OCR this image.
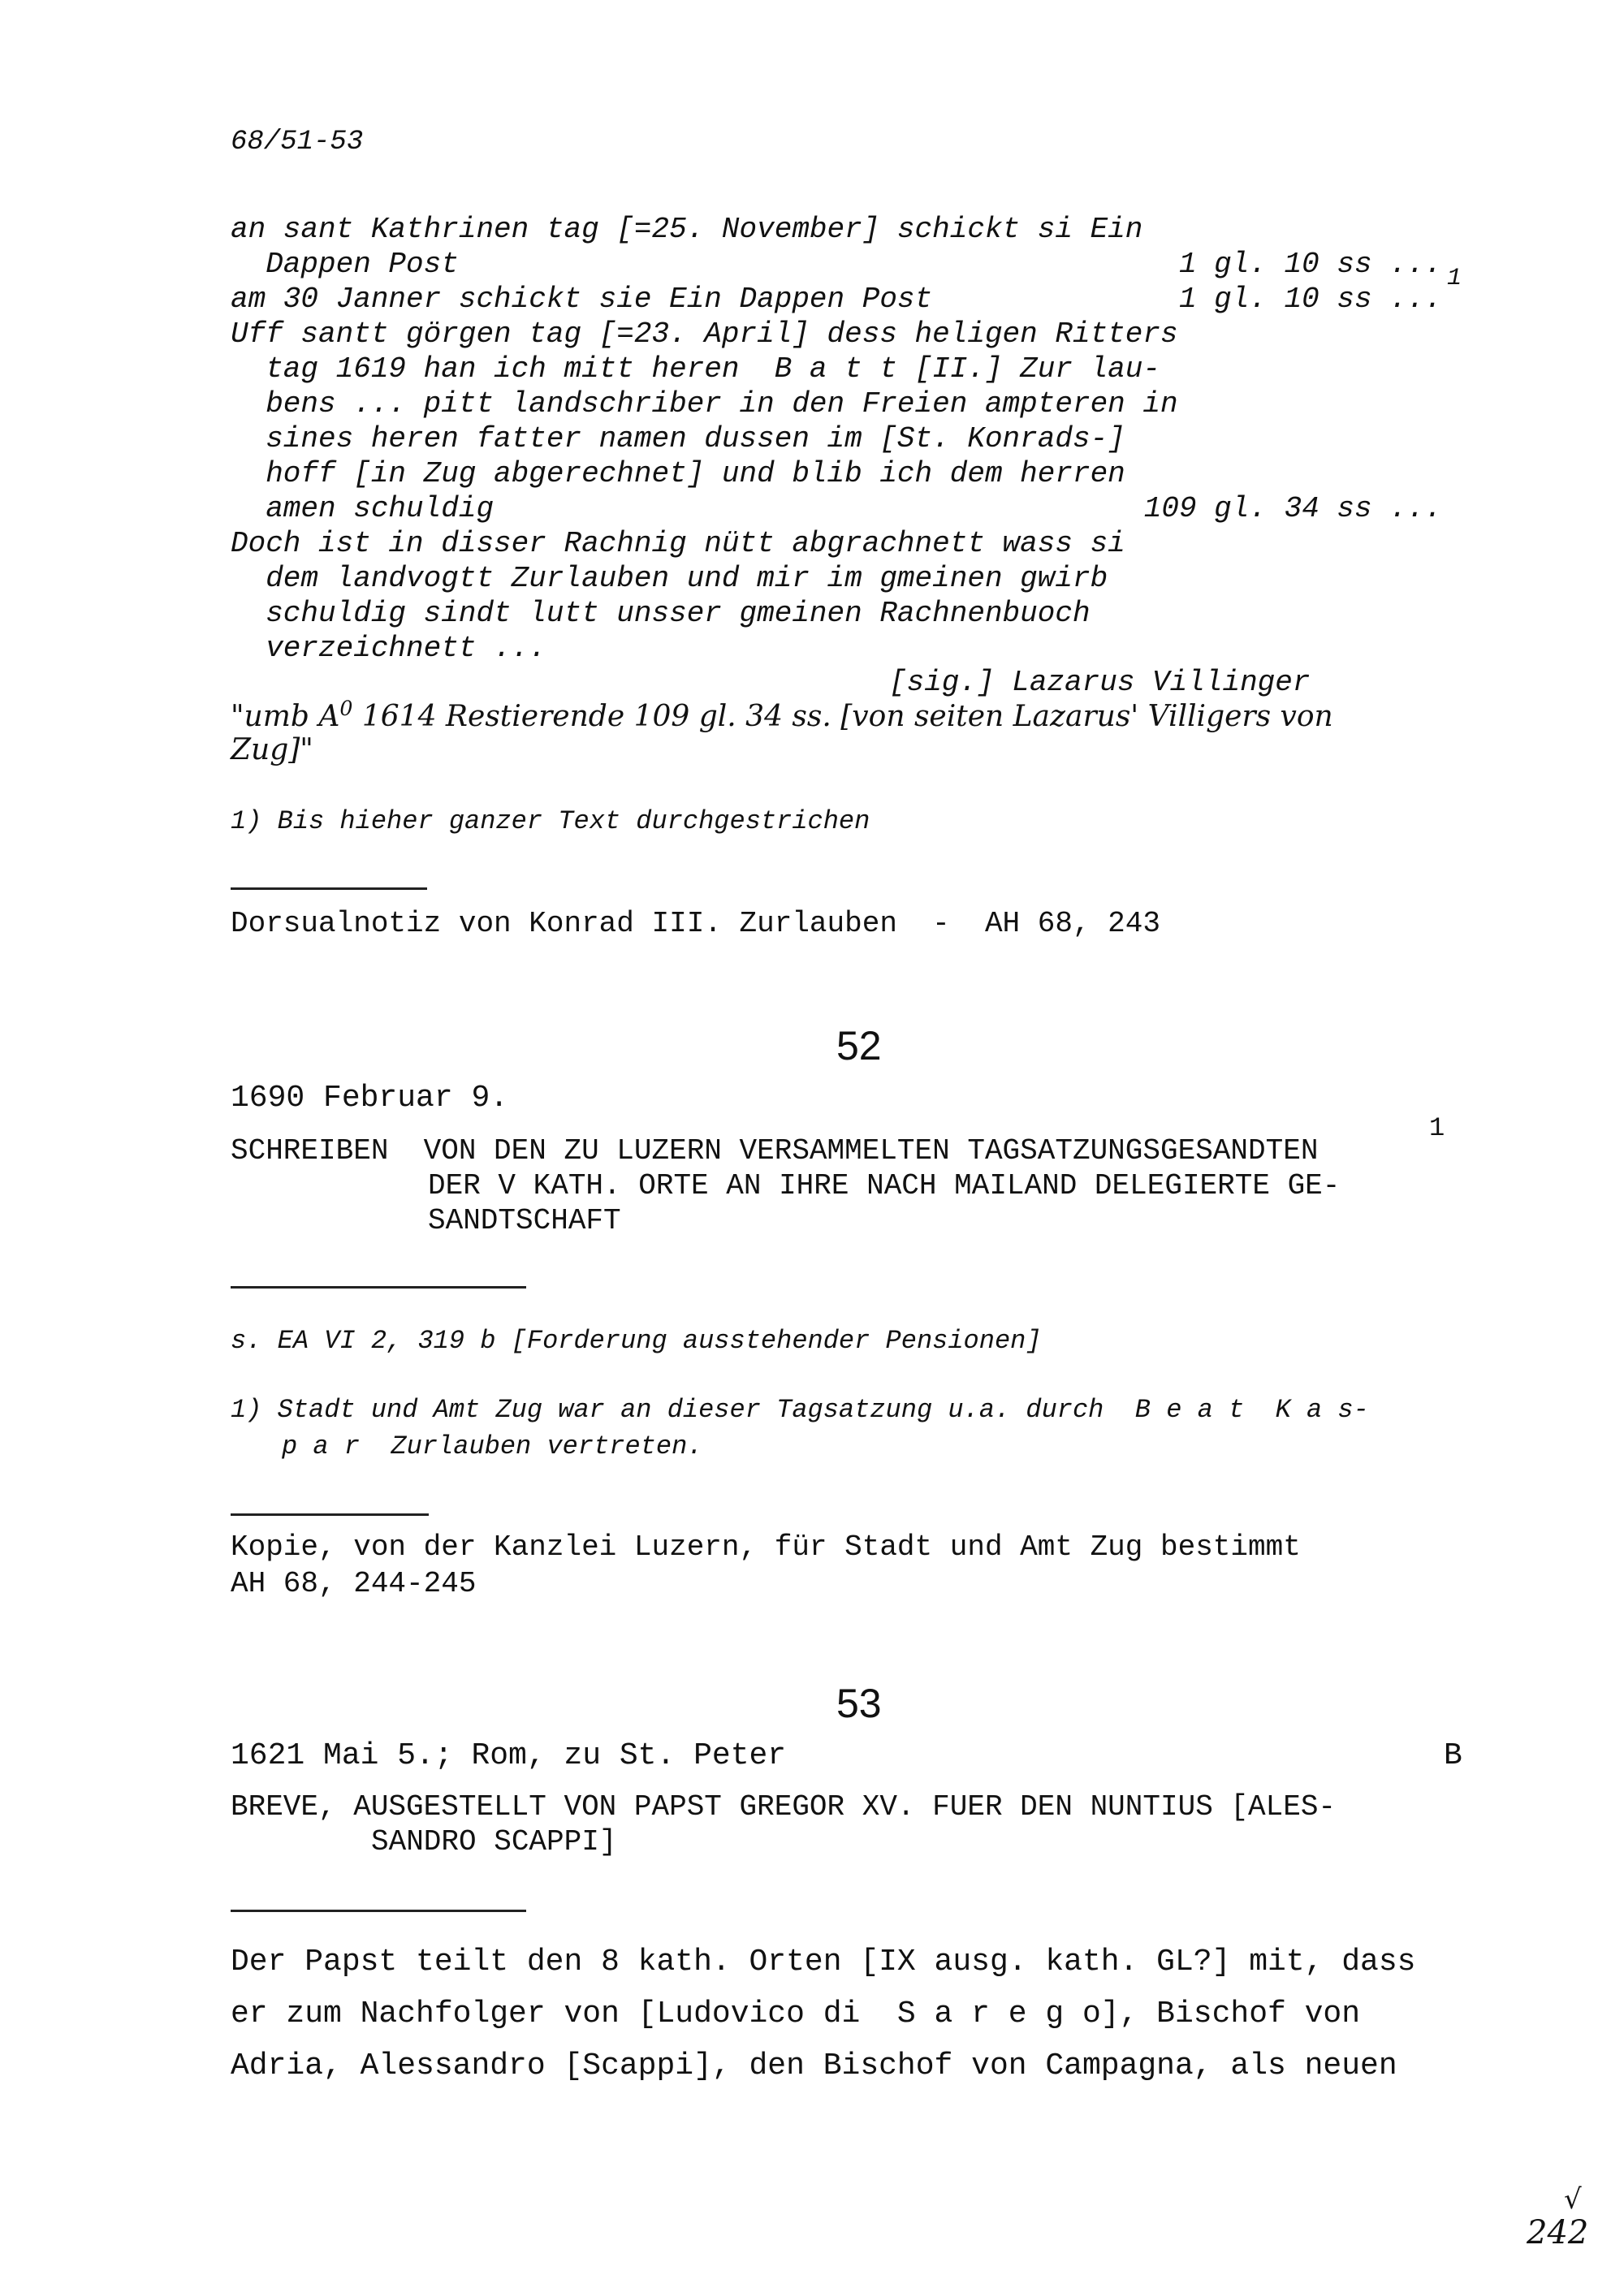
68/51-53
an sant Kathrinen tag [=25. November] schickt si Ein
Dappen Post
am 30 Janner schickt sie Ein Dappen Post
Uff santt görgen tag [=23. April] dess heligen Ritters
tag 1619 han ich mitt heren  B a t t [II.] Zur lau-
bens ... pitt landschriber in den Freien ampteren in
sines heren fatter namen dussen im [St. Konrads-]
hoff [in Zug abgerechnet] und blib ich dem herren
amen schuldig
Doch ist in disser Rachnig nütt abgrachnett wass si
dem landvogtt Zurlauben und mir im gmeinen gwirb
schuldig sindt lutt unsser gmeinen Rachnenbuoch
verzeichnett ...
1 gl. 10 ss ... 1
1 gl. 10 ss ...
109 gl. 34 ss ...
[sig.] Lazarus Villinger
"umb $A^0$ 1614 Restierende 109 gl. 34 ss. [von seiten Lazarus' Villigers von
Zug]"
1) Bis hieher ganzer Text durchgestrichen
Dorsualnotiz von Konrad III. Zurlauben  -  AH 68, 243
52
1690 Februar 9.
SCHREIBEN  VON DEN ZU LUZERN VERSAMMELTEN TAGSATZUNGSGESANDTEN
1
DER V KATH. ORTE AN IHRE NACH MAILAND DELEGIERTE GE-
SANDTSCHAFT
s. EA VI 2, 319 b [Forderung ausstehender Pensionen]
1) Stadt und Amt Zug war an dieser Tagsatzung u.a. durch  B e a t  K a s-
p a r  Zurlauben vertreten.
Kopie, von der Kanzlei Luzern, für Stadt und Amt Zug bestimmt
AH 68, 244-245
53
1621 Mai 5.; Rom, zu St. Peter	B
BREVE, AUSGESTELLT VON PAPST GREGOR XV. FUER DEN NUNTIUS [ALES-
SANDRO SCAPPI]
Der Papst teilt den 8 kath. Orten [IX ausg. kath. GL?] mit, dass
er zum Nachfolger von [Ludovico di  S a r e g o], Bischof von
Adria, Alessandro [Scappi], den Bischof von Campagna, als neuen
√
242
